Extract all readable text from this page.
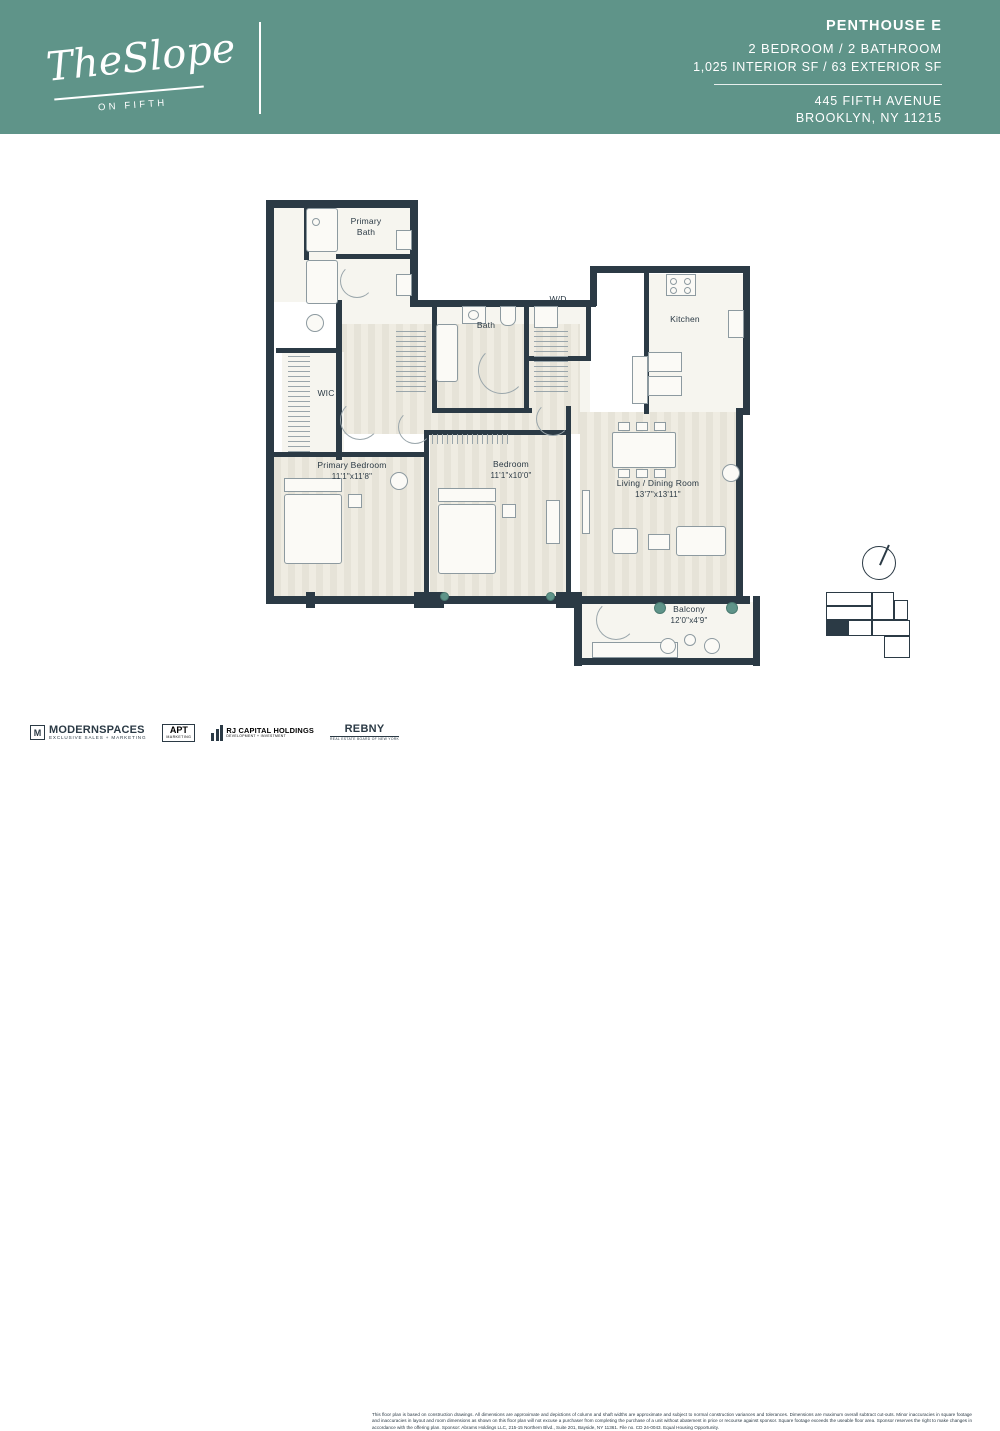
TheSlope
ON FIFTH
PENTHOUSE E
2 BEDROOM / 2 BATHROOM
1,025 INTERIOR SF / 63 EXTERIOR SF
445 FIFTH AVENUE
BROOKLYN, NY 11215
Primary
Bath
Bath
W/D
Kitchen
WIC
Primary Bedroom
11'1"x11'8"
Bedroom
11'1"x10'0"
Living / Dining Room
13'7"x13'11"
Balcony
12'0"x4'9"
M MODERNSPACES
EXCLUSIVE SALES + MARKETING
APT
MARKETING
RJ CAPITAL HOLDINGS
DEVELOPMENT + INVESTMENT
REBNY
REAL ESTATE BOARD OF NEW YORK
This floor plan is based on construction drawings. All dimensions are approximate and depictions of column and shaft widths are approximate and subject to normal construction variances and tolerances. Dimensions are maximum overall subtract cut-outs. Minor inaccuracies in square footage and inaccuracies in layout and room dimensions as shown on this floor plan will not excuse a purchaser from completing the purchase of a unit without abatement in price or recourse against sponsor. Square footage exceeds the useable floor area. Sponsor reserves the right to make changes in accordance with the offering plan. Sponsor: Abrams Holdings LLC, 215-15 Northern Blvd., Suite 201, Bayside, NY 11361. File no. CD 24-0043. Equal Housing Opportunity.
